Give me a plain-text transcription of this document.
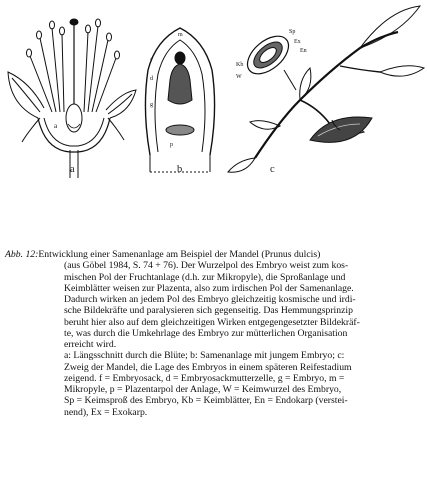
a
f
d
g
m
p
Sp
Ex
En
Kb
W
a	b	c
Abb. 12: Entwicklung einer Samenanlage am Beispiel der Mandel (Prunus dulcis)
(aus Göbel 1984, S. 74 + 76). Der Wurzelpol des Embryo weist zum kos-
mischen Pol der Fruchtanlage (d.h. zur Mikropyle), die Sproßanlage und
Keimblätter weisen zur Plazenta, also zum irdischen Pol der Samenanlage.
Dadurch wirken an jedem Pol des Embryo gleichzeitig kosmische und irdi-
sche Bildekräfte und paralysieren sich gegenseitig. Das Hemmungsprinzip
beruht hier also auf dem gleichzeitigen Wirken entgegengesetzter Bildekräf-
te, was durch die Umkehrlage des Embryo zur mütterlichen Organisation
erreicht wird.
a: Längsschnitt durch die Blüte; b: Samenanlage mit jungem Embryo; c:
Zweig der Mandel, die Lage des Embryos in einem späteren Reifestadium
zeigend. f = Embryosack, d = Embryosackmutterzelle, g = Embryo, m =
Mikropyle, p = Plazentarpol der Anlage, W = Keimwurzel des Embryo,
Sp = Keimsproß des Embryo, Kb = Keimblätter, En = Endokarp (verstei-
nend), Ex = Exokarp.
